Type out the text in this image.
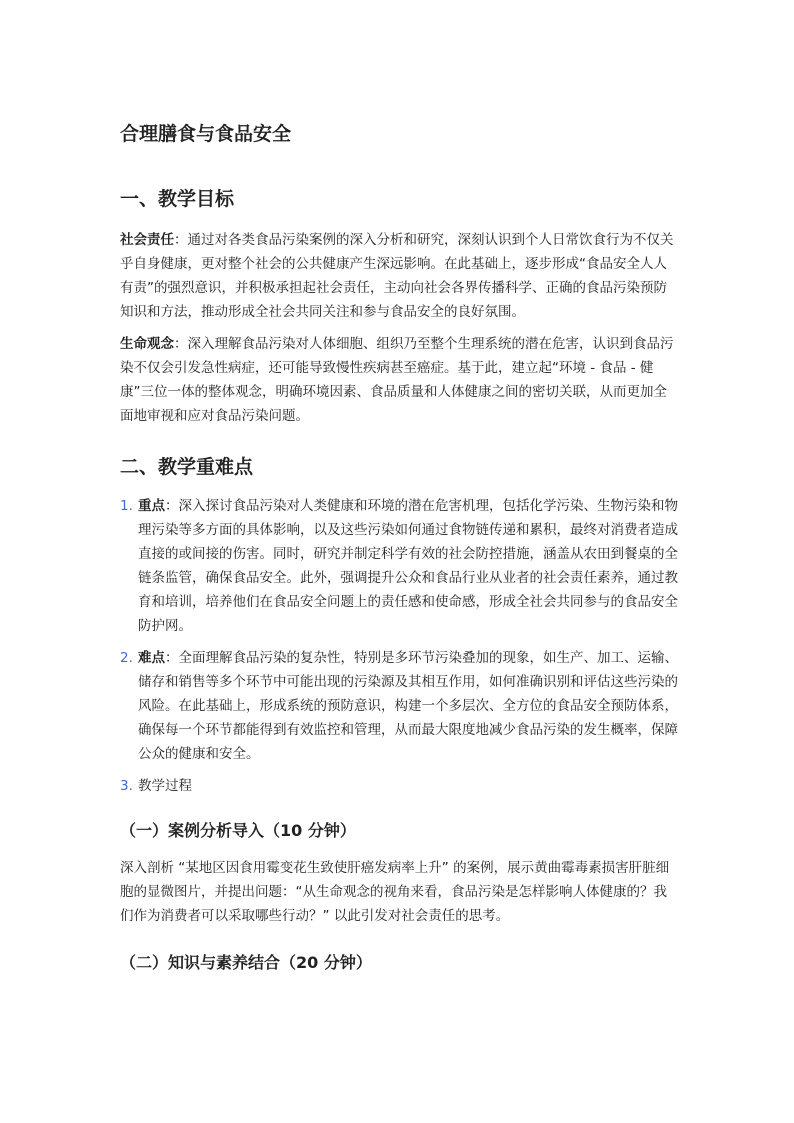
合理膳食与食品安全
一、教学目标

社会责任：通过对各类食品污染案例的深入分析和研究，深刻认识到个人日常饮食行为不仅关乎自身健康，更对整个社会的公共健康产生深远影响。在此基础上，逐步形成“食品安全人人有责”的强烈意识，并积极承担起社会责任，主动向社会各界传播科学、正确的食品污染预防知识和方法，推动形成全社会共同关注和参与食品安全的良好氛围。

生命观念：深入理解食品污染对人体细胞、组织乃至整个生理系统的潜在危害，认识到食品污染不仅会引发急性病症，还可能导致慢性疾病甚至癌症。基于此，建立起“环境 - 食品 - 健康”三位一体的整体观念，明确环境因素、食品质量和人体健康之间的密切关联，从而更加全面地审视和应对食品污染问题。

二、教学重难点
1. 重点：深入探讨食品污染对人类健康和环境的潜在危害机理，包括化学污染、生物污染和物理污染等多方面的具体影响，以及这些污染如何通过食物链传递和累积，最终对消费者造成直接的或间接的伤害。同时，研究并制定科学有效的社会防控措施，涵盖从农田到餐桌的全链条监管，确保食品安全。此外，强调提升公众和食品行业从业者的社会责任素养，通过教育和培训，培养他们在食品安全问题上的责任感和使命感，形成全社会共同参与的食品安全防护网。
2. 难点：全面理解食品污染的复杂性，特别是多环节污染叠加的现象，如生产、加工、运输、储存和销售等多个环节中可能出现的污染源及其相互作用，如何准确识别和评估这些污染的风险。在此基础上，形成系统的预防意识，构建一个多层次、全方位的食品安全预防体系，确保每一个环节都能得到有效监控和管理，从而最大限度地减少食品污染的发生概率，保障公众的健康和安全。
3. 教学过程
（一）案例分析导入（10 分钟）

深入剖析 “某地区因食用霉变花生致使肝癌发病率上升” 的案例，展示黄曲霉毒素损害肝脏细胞的显微图片，并提出问题：“从生命观念的视角来看，食品污染是怎样影响人体健康的？我们作为消费者可以采取哪些行动？” 以此引发对社会责任的思考。

（二）知识与素养结合（20 分钟）
